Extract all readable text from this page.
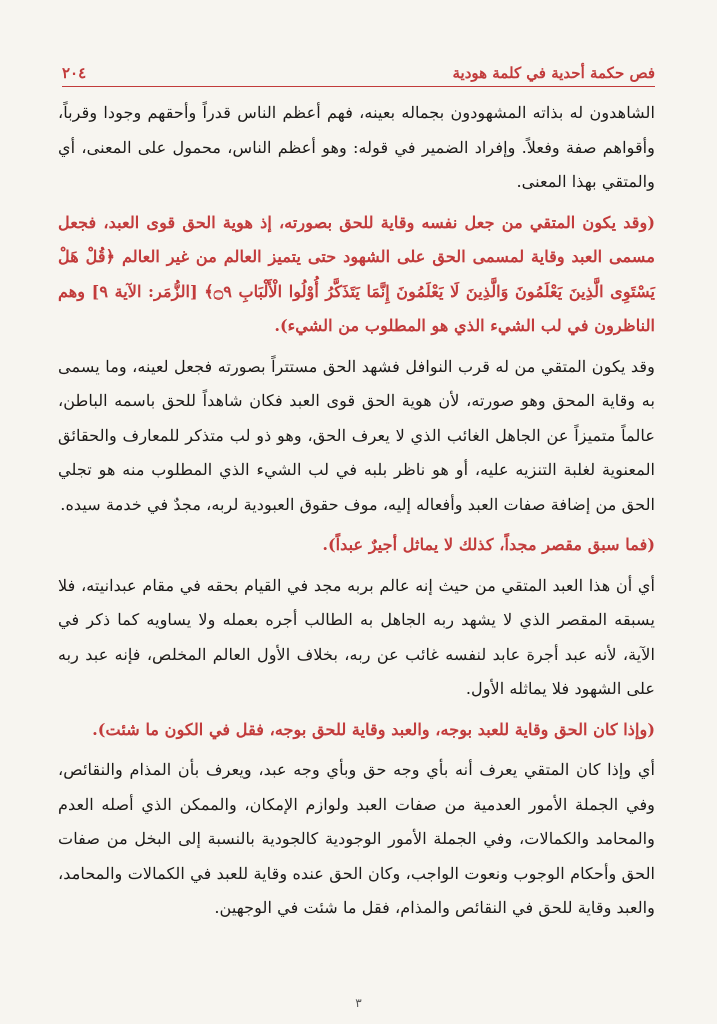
فص حكمة أحدية في كلمة هودية
٢٠٤

الشاهدون له بذاته المشهودون بجماله بعينه، فهم أعظم الناس قدراً وأحقهم وجودا وقرباً، وأقواهم صفة وفعلاً. وإفراد الضمير في قوله: وهو أعظم الناس، محمول على المعنى، أي والمتقي بهذا المعنى.

(وقد يكون المتقي من جعل نفسه وقاية للحق بصورته، إذ هوية الحق قوى العبد، فجعل مسمى العبد وقاية لمسمى الحق على الشهود حتى يتميز العالم من غير العالم ﴿قُلْ هَلْ يَسْتَوِى الَّذِينَ يَعْلَمُونَ وَالَّذِينَ لَا يَعْلَمُونَ إِنَّمَا يَتَذَكَّرُ أُوْلُوا الْأَلْبَابِ ۝٩﴾ [الزُّمَر: الآية ٩] وهم الناظرون في لب الشيء الذي هو المطلوب من الشيء).

وقد يكون المتقي من له قرب النوافل فشهد الحق مستتراً بصورته فجعل لعينه، وما يسمى به وقاية المحق وهو صورته، لأن هوية الحق قوى العبد فكان شاهداً للحق باسمه الباطن، عالماً متميزاً عن الجاهل الغائب الذي لا يعرف الحق، وهو ذو لب متذكر للمعارف والحقائق المعنوية لغلبة التنزيه عليه، أو هو ناظر بلبه في لب الشيء الذي المطلوب منه هو تجلي الحق من إضافة صفات العبد وأفعاله إليه، موف حقوق العبودية لربه، مجدٌ في خدمة سيده.

(فما سبق مقصر مجداً، كذلك لا يماثل أجيرٌ عبداً).

أي أن هذا العبد المتقي من حيث إنه عالم بربه مجد في القيام بحقه في مقام عبدانيته، فلا يسبقه المقصر الذي لا يشهد ربه الجاهل به الطالب أجره بعمله ولا يساويه كما ذكر في الآية، لأنه عبد أجرة عابد لنفسه غائب عن ربه، بخلاف الأول العالم المخلص، فإنه عبد ربه على الشهود فلا يماثله الأول.

(وإذا كان الحق وقاية للعبد بوجه، والعبد وقاية للحق بوجه، فقل في الكون ما شئت).

أي وإذا كان المتقي يعرف أنه بأي وجه حق وبأي وجه عبد، ويعرف بأن المذام والنقائص، وفي الجملة الأمور العدمية من صفات العبد ولوازم الإمكان، والممكن الذي أصله العدم والمحامد والكمالات، وفي الجملة الأمور الوجودية كالجودية بالنسبة إلى البخل من صفات الحق وأحكام الوجوب ونعوت الواجب، وكان الحق عنده وقاية للعبد في الكمالات والمحامد، والعبد وقاية للحق في النقائص والمذام، فقل ما شئت في الوجهين.

٣
